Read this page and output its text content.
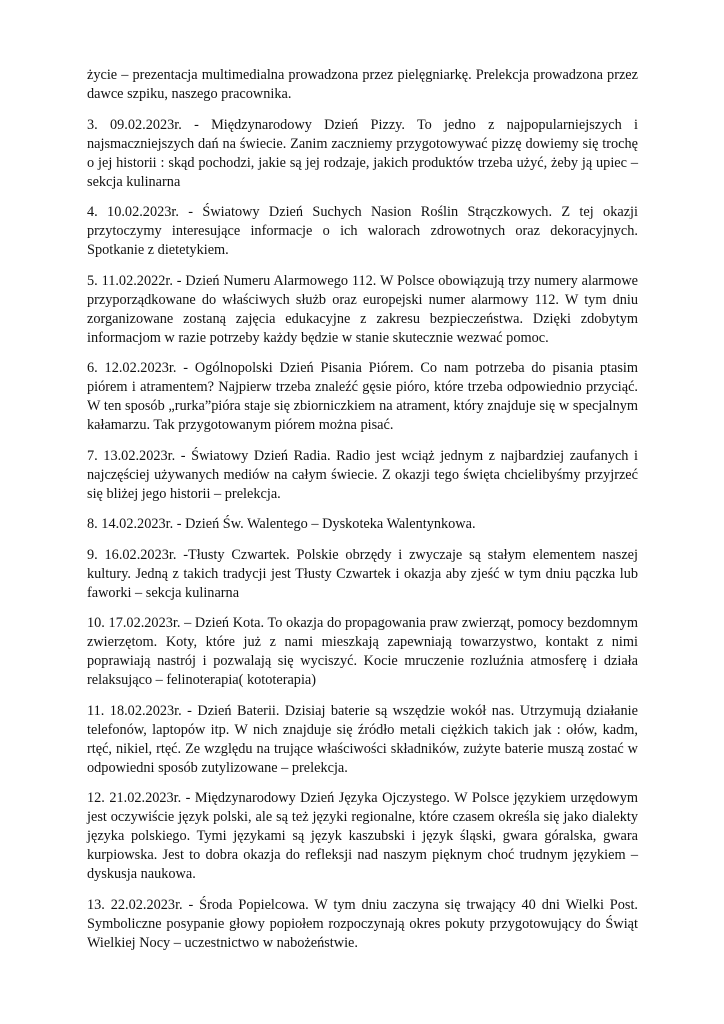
życie – prezentacja multimedialna prowadzona przez pielęgniarkę. Prelekcja prowadzona przez dawce szpiku, naszego pracownika.

3. 09.02.2023r. - Międzynarodowy Dzień Pizzy. To jedno z najpopularniejszych i najsmaczniejszych dań na świecie. Zanim zaczniemy przygotowywać pizzę dowiemy się trochę o jej historii : skąd pochodzi, jakie są jej rodzaje, jakich produktów trzeba użyć, żeby ją upiec – sekcja kulinarna

4. 10.02.2023r. - Światowy Dzień Suchych Nasion Roślin Strączkowych. Z tej okazji przytoczymy interesujące informacje o ich walorach zdrowotnych oraz dekoracyjnych. Spotkanie z dietetykiem.

5. 11.02.2022r. - Dzień Numeru Alarmowego 112. W Polsce obowiązują trzy numery alarmowe przyporządkowane do właściwych służb oraz europejski numer alarmowy 112. W tym dniu zorganizowane zostaną zajęcia edukacyjne z zakresu bezpieczeństwa. Dzięki zdobytym informacjom w razie potrzeby każdy będzie w stanie skutecznie wezwać pomoc.

6. 12.02.2023r. - Ogólnopolski Dzień Pisania Piórem. Co nam potrzeba do pisania ptasim piórem i atramentem? Najpierw trzeba znaleźć gęsie pióro, które trzeba odpowiednio przyciąć. W ten sposób „rurka”pióra staje się zbiorniczkiem na atrament, który znajduje się w specjalnym kałamarzu. Tak przygotowanym piórem można pisać.

7. 13.02.2023r. - Światowy Dzień Radia. Radio jest wciąż jednym z najbardziej zaufanych i najczęściej używanych mediów na całym świecie. Z okazji tego święta chcielibyśmy przyjrzeć się bliżej jego historii – prelekcja.

8. 14.02.2023r. - Dzień Św. Walentego – Dyskoteka Walentynkowa.

9. 16.02.2023r. -Tłusty Czwartek. Polskie obrzędy i zwyczaje są stałym elementem naszej kultury. Jedną z takich tradycji jest Tłusty Czwartek i okazja aby zjeść w tym dniu pączka lub faworki – sekcja kulinarna

10. 17.02.2023r. – Dzień Kota. To okazja do propagowania praw zwierząt, pomocy bezdomnym zwierzętom. Koty, które już z nami mieszkają zapewniają towarzystwo, kontakt z nimi poprawiają nastrój i pozwalają się wyciszyć. Kocie mruczenie rozluźnia atmosferę i działa relaksująco – felinoterapia( kototerapia)

11. 18.02.2023r. - Dzień Baterii. Dzisiaj baterie są wszędzie wokół nas. Utrzymują działanie telefonów, laptopów itp. W nich znajduje się źródło metali ciężkich takich jak : ołów, kadm, rtęć, nikiel, rtęć. Ze względu na trujące właściwości składników, zużyte baterie muszą zostać w odpowiedni sposób zutylizowane – prelekcja.

12. 21.02.2023r. - Międzynarodowy Dzień Języka Ojczystego. W Polsce językiem urzędowym jest oczywiście język polski, ale są też języki regionalne, które czasem określa się jako dialekty języka polskiego. Tymi językami są język kaszubski i język śląski, gwara góralska, gwara kurpiowska. Jest to dobra okazja do refleksji nad naszym pięknym choć trudnym językiem – dyskusja naukowa.

13. 22.02.2023r. - Środa Popielcowa. W tym dniu zaczyna się trwający 40 dni Wielki Post. Symboliczne posypanie głowy popiołem rozpoczynają okres pokuty przygotowujący do Świąt Wielkiej Nocy – uczestnictwo w nabożeństwie.
